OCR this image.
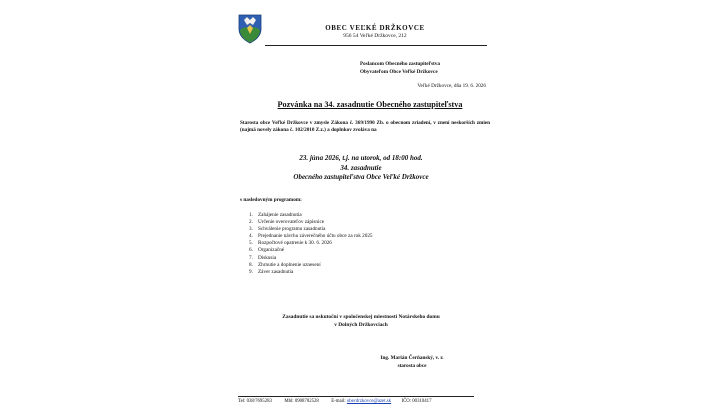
OBEC VEĽKÉ DRŽKOVCE
956 54 Veľké Držkovce, 212
Poslancom Obecného zastupiteľstva
Obyvateľom Obce Veľké Držkovce
Veľké Držkovce, dňa 19. 6. 2026
Pozvánka na 34. zasadnutie Obecného zastupiteľstva
Starosta obce Veľké Držkovce v zmysle Zákona č. 369/1990 Zb. o obecnom zriadení, v znení neskorších zmien (najmä novely zákona č. 102/2010 Z.z.) a doplnkov zvoláva na
23. júna 2026, t.j. na utorok, od 18:00 hod.
34. zasadnutie
Obecného zastupiteľstva Obce Veľké Držkovce
s nasledovným programom:
1. Zahájenie zasadnutia
2. Určenie overovateľov zápisnice
3. Schválenie programu zasadnutia
4. Prejednanie návrhu záverečného účtu obce za rok 2025
5. Rozpočtové opatrenie k 30. 6. 2026
6. Organizačné
7. Diskusia
8. Zhrnutie a doplnenie uznesení
9. Záver zasadnutia
Zasadnutie sa uskutoční v spoločenskej miestnosti Notárskeho domu
v Dolných Držkovciach
Ing. Marián Čerňanský, v. r.
starosta obce
Tel: 038/7695283	Mbl: 0908782528	E-mail: obecdrzkovce@azet.sk IČO: 00310417
